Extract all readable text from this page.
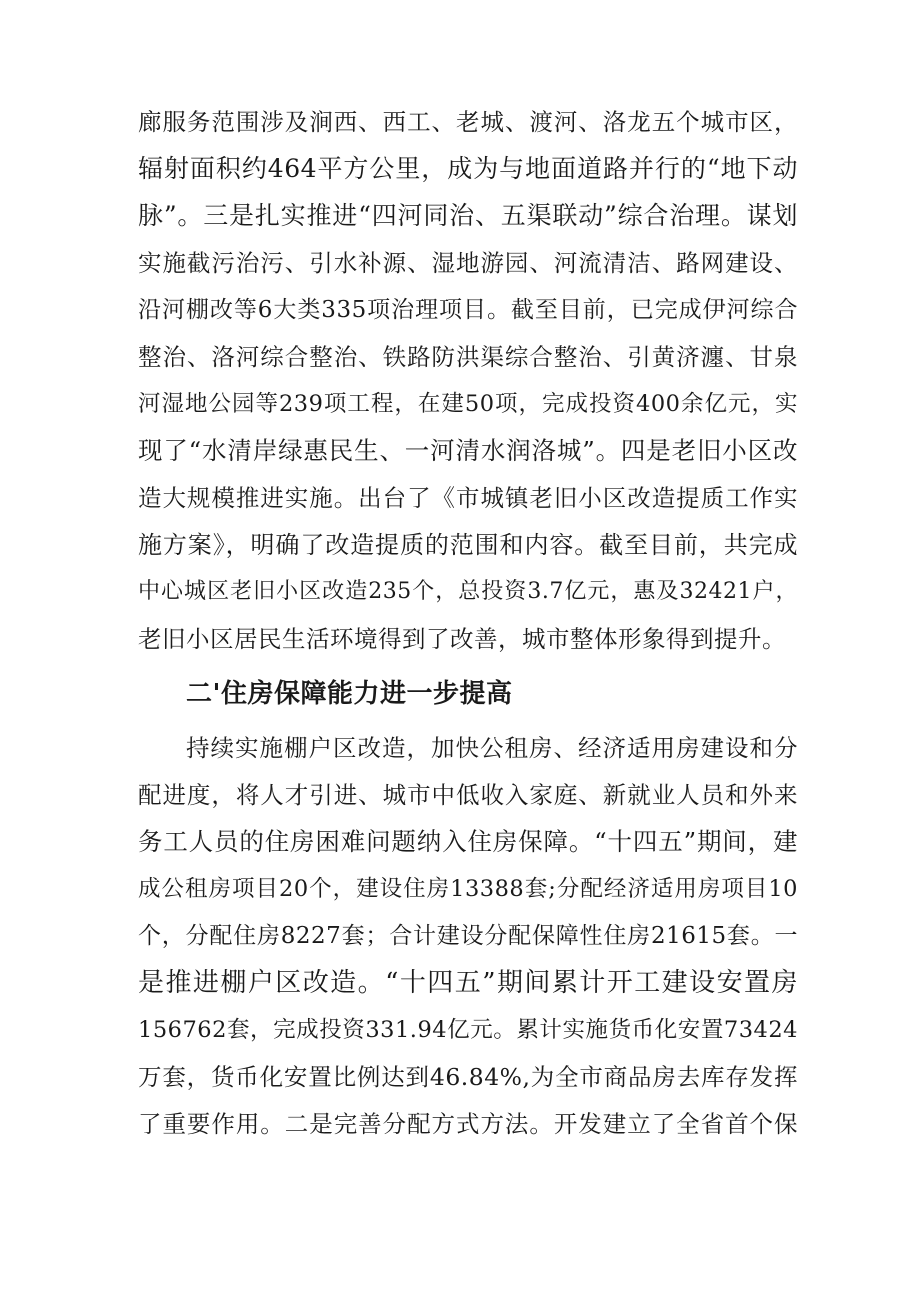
廊服务范围涉及涧西、西工、老城、渡河、洛龙五个城市区，
辐射面积约464平方公里，成为与地面道路并行的“地下动
脉”。三是扎实推进“四河同治、五渠联动”综合治理。谋划
实施截污治污、引水补源、湿地游园、河流清洁、路网建设、
沿河棚改等6大类335项治理项目。截至目前，已完成伊河综合
整治、洛河综合整治、铁路防洪渠综合整治、引黄济瀍、甘泉
河湿地公园等239项工程，在建50项，完成投资400余亿元，实
现了“水清岸绿惠民生、一河清水润洛城”。四是老旧小区改
造大规模推进实施。出台了《市城镇老旧小区改造提质工作实
施方案》，明确了改造提质的范围和内容。截至目前，共完成
中心城区老旧小区改造235个，总投资3.7亿元，惠及32421户，
老旧小区居民生活环境得到了改善，城市整体形象得到提升。
二'住房保障能力进一步提高
持续实施棚户区改造，加快公租房、经济适用房建设和分
配进度，将人才引进、城市中低收入家庭、新就业人员和外来
务工人员的住房困难问题纳入住房保障。“十四五”期间，建
成公租房项目20个，建设住房13388套;分配经济适用房项目10
个，分配住房8227套；合计建设分配保障性住房21615套。一
是推进棚户区改造。“十四五”期间累计开工建设安置房
156762套，完成投资331.94亿元。累计实施货币化安置73424
万套，货币化安置比例达到46.84%,为全市商品房去库存发挥
了重要作用。二是完善分配方式方法。开发建立了全省首个保
